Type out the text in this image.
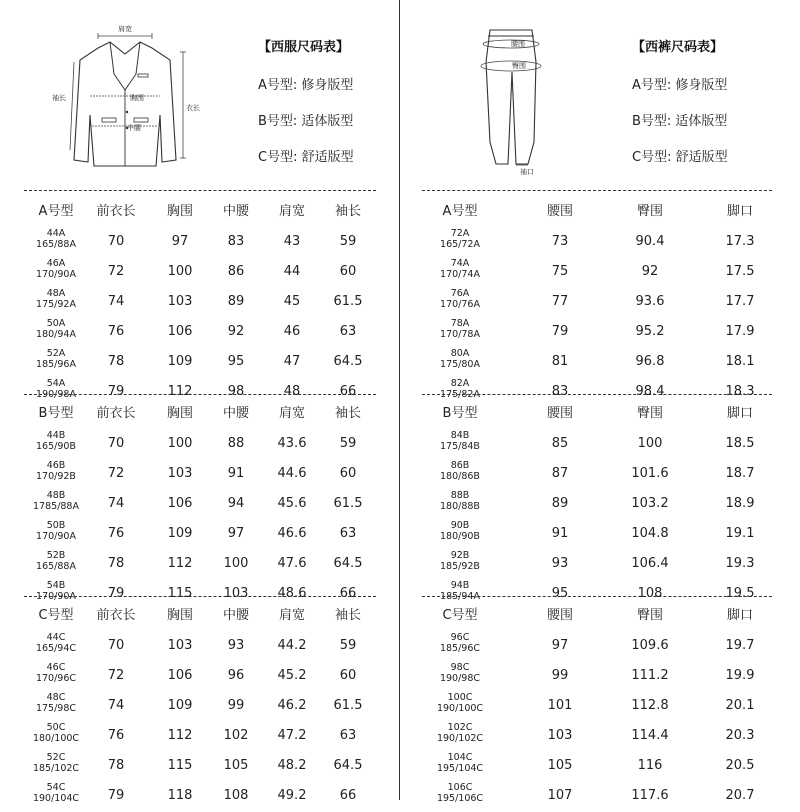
肩宽
衣长
袖长	胸围
中腰
【西服尺码表】
A号型: 修身版型
B号型: 适体版型
C号型: 舒适版型
A号型	前衣长	胸围	中腰	肩宽	袖长
44A
165/88A	70	97	83	43	59
46A
170/90A	72	100	86	44	60
48A
175/92A	74	103	89	45	61.5
50A
180/94A	76	106	92	46	63
52A
185/96A	78	109	95	47	64.5
54A
190/98A	79	112	98	48	66
B号型	前衣长	胸围	中腰	肩宽	袖长
44B
165/90B	70	100	88	43.6	59
46B
170/92B	72	103	91	44.6	60
48B
1785/88A	74	106	94	45.6	61.5
50B
170/90A	76	109	97	46.6	63
52B
165/88A	78	112	100	47.6	64.5
54B
170/90A	79	115	103	48.6	66
C号型	前衣长	胸围	中腰	肩宽	袖长
44C
165/94C	70	103	93	44.2	59
46C
170/96C	72	106	96	45.2	60
48C
175/98C	74	109	99	46.2	61.5
50C
180/100C	76	112	102	47.2	63
52C
185/102C	78	115	105	48.2	64.5
54C
190/104C	79	118	108	49.2	66
腰围
臀围
袖口
【西裤尺码表】
A号型: 修身版型
B号型: 适体版型
C号型: 舒适版型
A号型	腰围	臀围	脚口
72A
165/72A	73	90.4	17.3
74A
170/74A	75	92	17.5
76A
170/76A	77	93.6	17.7
78A
170/78A	79	95.2	17.9
80A
175/80A	81	96.8	18.1
82A
175/82A	83	98.4	18.3
B号型	腰围	臀围	脚口
84B
175/84B	85	100	18.5
86B
180/86B	87	101.6	18.7
88B
180/88B	89	103.2	18.9
90B
180/90B	91	104.8	19.1
92B
185/92B	93	106.4	19.3
94B
185/94A	95	108	19.5
C号型	腰围	臀围	脚口
96C
185/96C	97	109.6	19.7
98C
190/98C	99	111.2	19.9
100C
190/100C	101	112.8	20.1
102C
190/102C	103	114.4	20.3
104C
195/104C	105	116	20.5
106C
195/106C	107	117.6	20.7
